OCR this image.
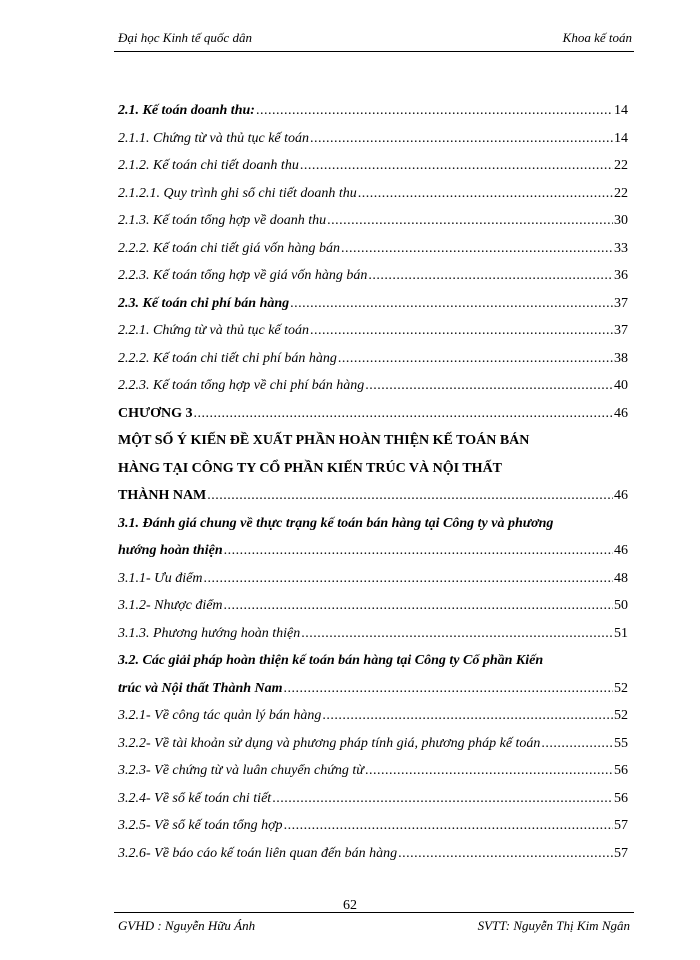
Đại học Kinh tế quốc dân	Khoa kế toán
2.1. Kế toán doanh thu: .....	14
2.1.1. Chứng từ và thủ tục kế toán .....	14
2.1.2. Kế toán chi tiết doanh thu .....	22
2.1.2.1. Quy trình ghi sổ chi tiết doanh thu .....	22
2.1.3. Kế toán tổng hợp về doanh thu .....	30
2.2.2. Kế toán chi tiết giá vốn hàng bán .....	33
2.2.3. Kế toán tổng hợp về giá vốn hàng bán .....	36
2.3. Kế toán chi phí bán hàng .....	37
2.2.1. Chứng từ và thủ tục kế toán .....	37
2.2.2. Kế toán chi tiết chi phí bán hàng .....	38
2.2.3. Kế toán tổng hợp về chi phí bán hàng .....	40
CHƯƠNG 3 .....	46
MỘT SỐ Ý KIẾN ĐỀ XUẤT PHẦN HOÀN THIỆN KẾ TOÁN BÁN
HÀNG TẠI CÔNG TY CỔ PHẦN KIẾN TRÚC VÀ NỘI THẤT
THÀNH NAM .....	46
3.1. Đánh giá chung về thực trạng kế toán bán hàng tại Công ty và phương
hướng hoàn thiện .....	46
3.1.1- Ưu điểm .....	48
3.1.2- Nhược điểm .....	50
3.1.3. Phương hướng hoàn thiện .....	51
3.2. Các giải pháp hoàn thiện kế toán bán hàng tại Công ty Cổ phần Kiến
trúc và Nội thất Thành Nam .....	52
3.2.1- Về công tác quản lý bán hàng .....	52
3.2.2- Về tài khoản sử dụng và phương pháp tính giá, phương pháp kế toán .....	55
3.2.3- Về chứng từ và luân chuyển chứng từ .....	56
3.2.4- Về sổ kế toán chi tiết .....	56
3.2.5- Về sổ kế toán tổng hợp .....	57
3.2.6- Về báo cáo kế toán liên quan đến bán hàng .....	57
62
GVHD : Nguyễn Hữu Ánh	SVTT: Nguyễn Thị Kim Ngân
